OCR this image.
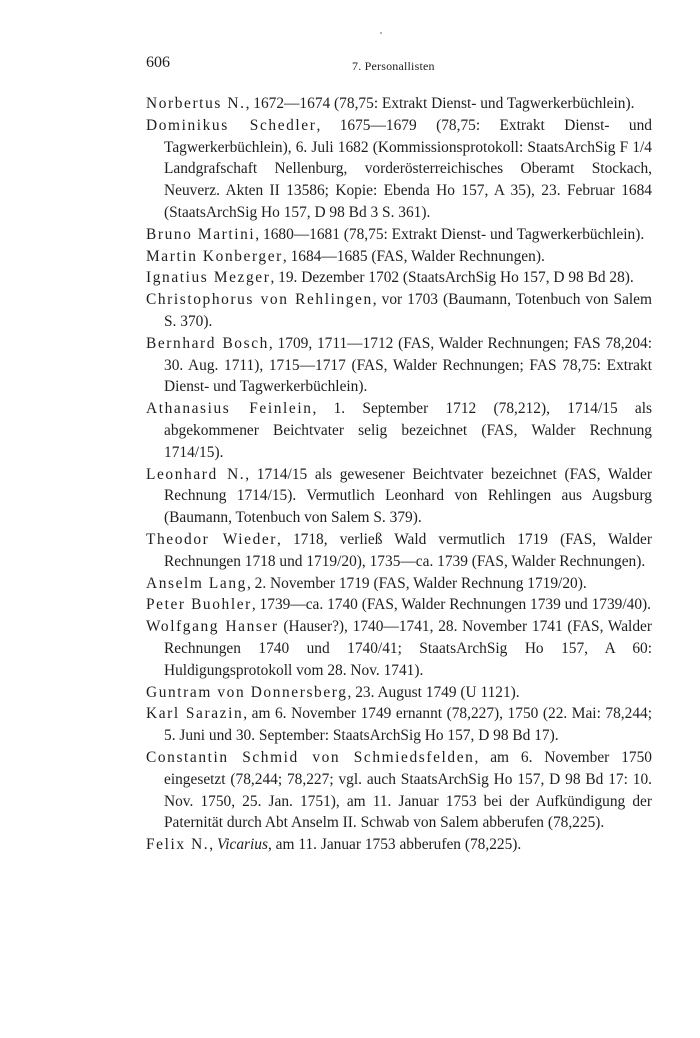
606	7. Personallisten

Norbertus N., 1672—1674 (78,75: Extrakt Dienst- und Tagwerkerbüchlein).

Dominikus Schedler, 1675—1679 (78,75: Extrakt Dienst- und Tagwerkerbüchlein), 6. Juli 1682 (Kommissionsprotokoll: StaatsArchSig F 1/4 Landgrafschaft Nellenburg, vorderösterreichisches Oberamt Stockach, Neuverz. Akten II 13586; Kopie: Ebenda Ho 157, A 35), 23. Februar 1684 (StaatsArchSig Ho 157, D 98 Bd 3 S. 361).

Bruno Martini, 1680—1681 (78,75: Extrakt Dienst- und Tagwerkerbüchlein).

Martin Konberger, 1684—1685 (FAS, Walder Rechnungen).

Ignatius Mezger, 19. Dezember 1702 (StaatsArchSig Ho 157, D 98 Bd 28).

Christophorus von Rehlingen, vor 1703 (Baumann, Totenbuch von Salem S. 370).

Bernhard Bosch, 1709, 1711—1712 (FAS, Walder Rechnungen; FAS 78,204: 30. Aug. 1711), 1715—1717 (FAS, Walder Rechnungen; FAS 78,75: Extrakt Dienst- und Tagwerkerbüchlein).

Athanasius Feinlein, 1. September 1712 (78,212), 1714/15 als abgekommener Beichtvater selig bezeichnet (FAS, Walder Rechnung 1714/15).

Leonhard N., 1714/15 als gewesener Beichtvater bezeichnet (FAS, Walder Rechnung 1714/15). Vermutlich Leonhard von Rehlingen aus Augsburg (Baumann, Totenbuch von Salem S. 379).

Theodor Wieder, 1718, verließ Wald vermutlich 1719 (FAS, Walder Rechnungen 1718 und 1719/20), 1735—ca. 1739 (FAS, Walder Rechnungen).

Anselm Lang, 2. November 1719 (FAS, Walder Rechnung 1719/20).

Peter Buohler, 1739—ca. 1740 (FAS, Walder Rechnungen 1739 und 1739/40).

Wolfgang Hanser (Hauser?), 1740—1741, 28. November 1741 (FAS, Walder Rechnungen 1740 und 1740/41; StaatsArchSig Ho 157, A 60: Huldigungsprotokoll vom 28. Nov. 1741).

Guntram von Donnersberg, 23. August 1749 (U 1121).

Karl Sarazin, am 6. November 1749 ernannt (78,227), 1750 (22. Mai: 78,244; 5. Juni und 30. September: StaatsArchSig Ho 157, D 98 Bd 17).

Constantin Schmid von Schmiedsfelden, am 6. November 1750 eingesetzt (78,244; 78,227; vgl. auch StaatsArchSig Ho 157, D 98 Bd 17: 10. Nov. 1750, 25. Jan. 1751), am 11. Januar 1753 bei der Aufkündigung der Paternität durch Abt Anselm II. Schwab von Salem abberufen (78,225).

Felix N., Vicarius, am 11. Januar 1753 abberufen (78,225).
